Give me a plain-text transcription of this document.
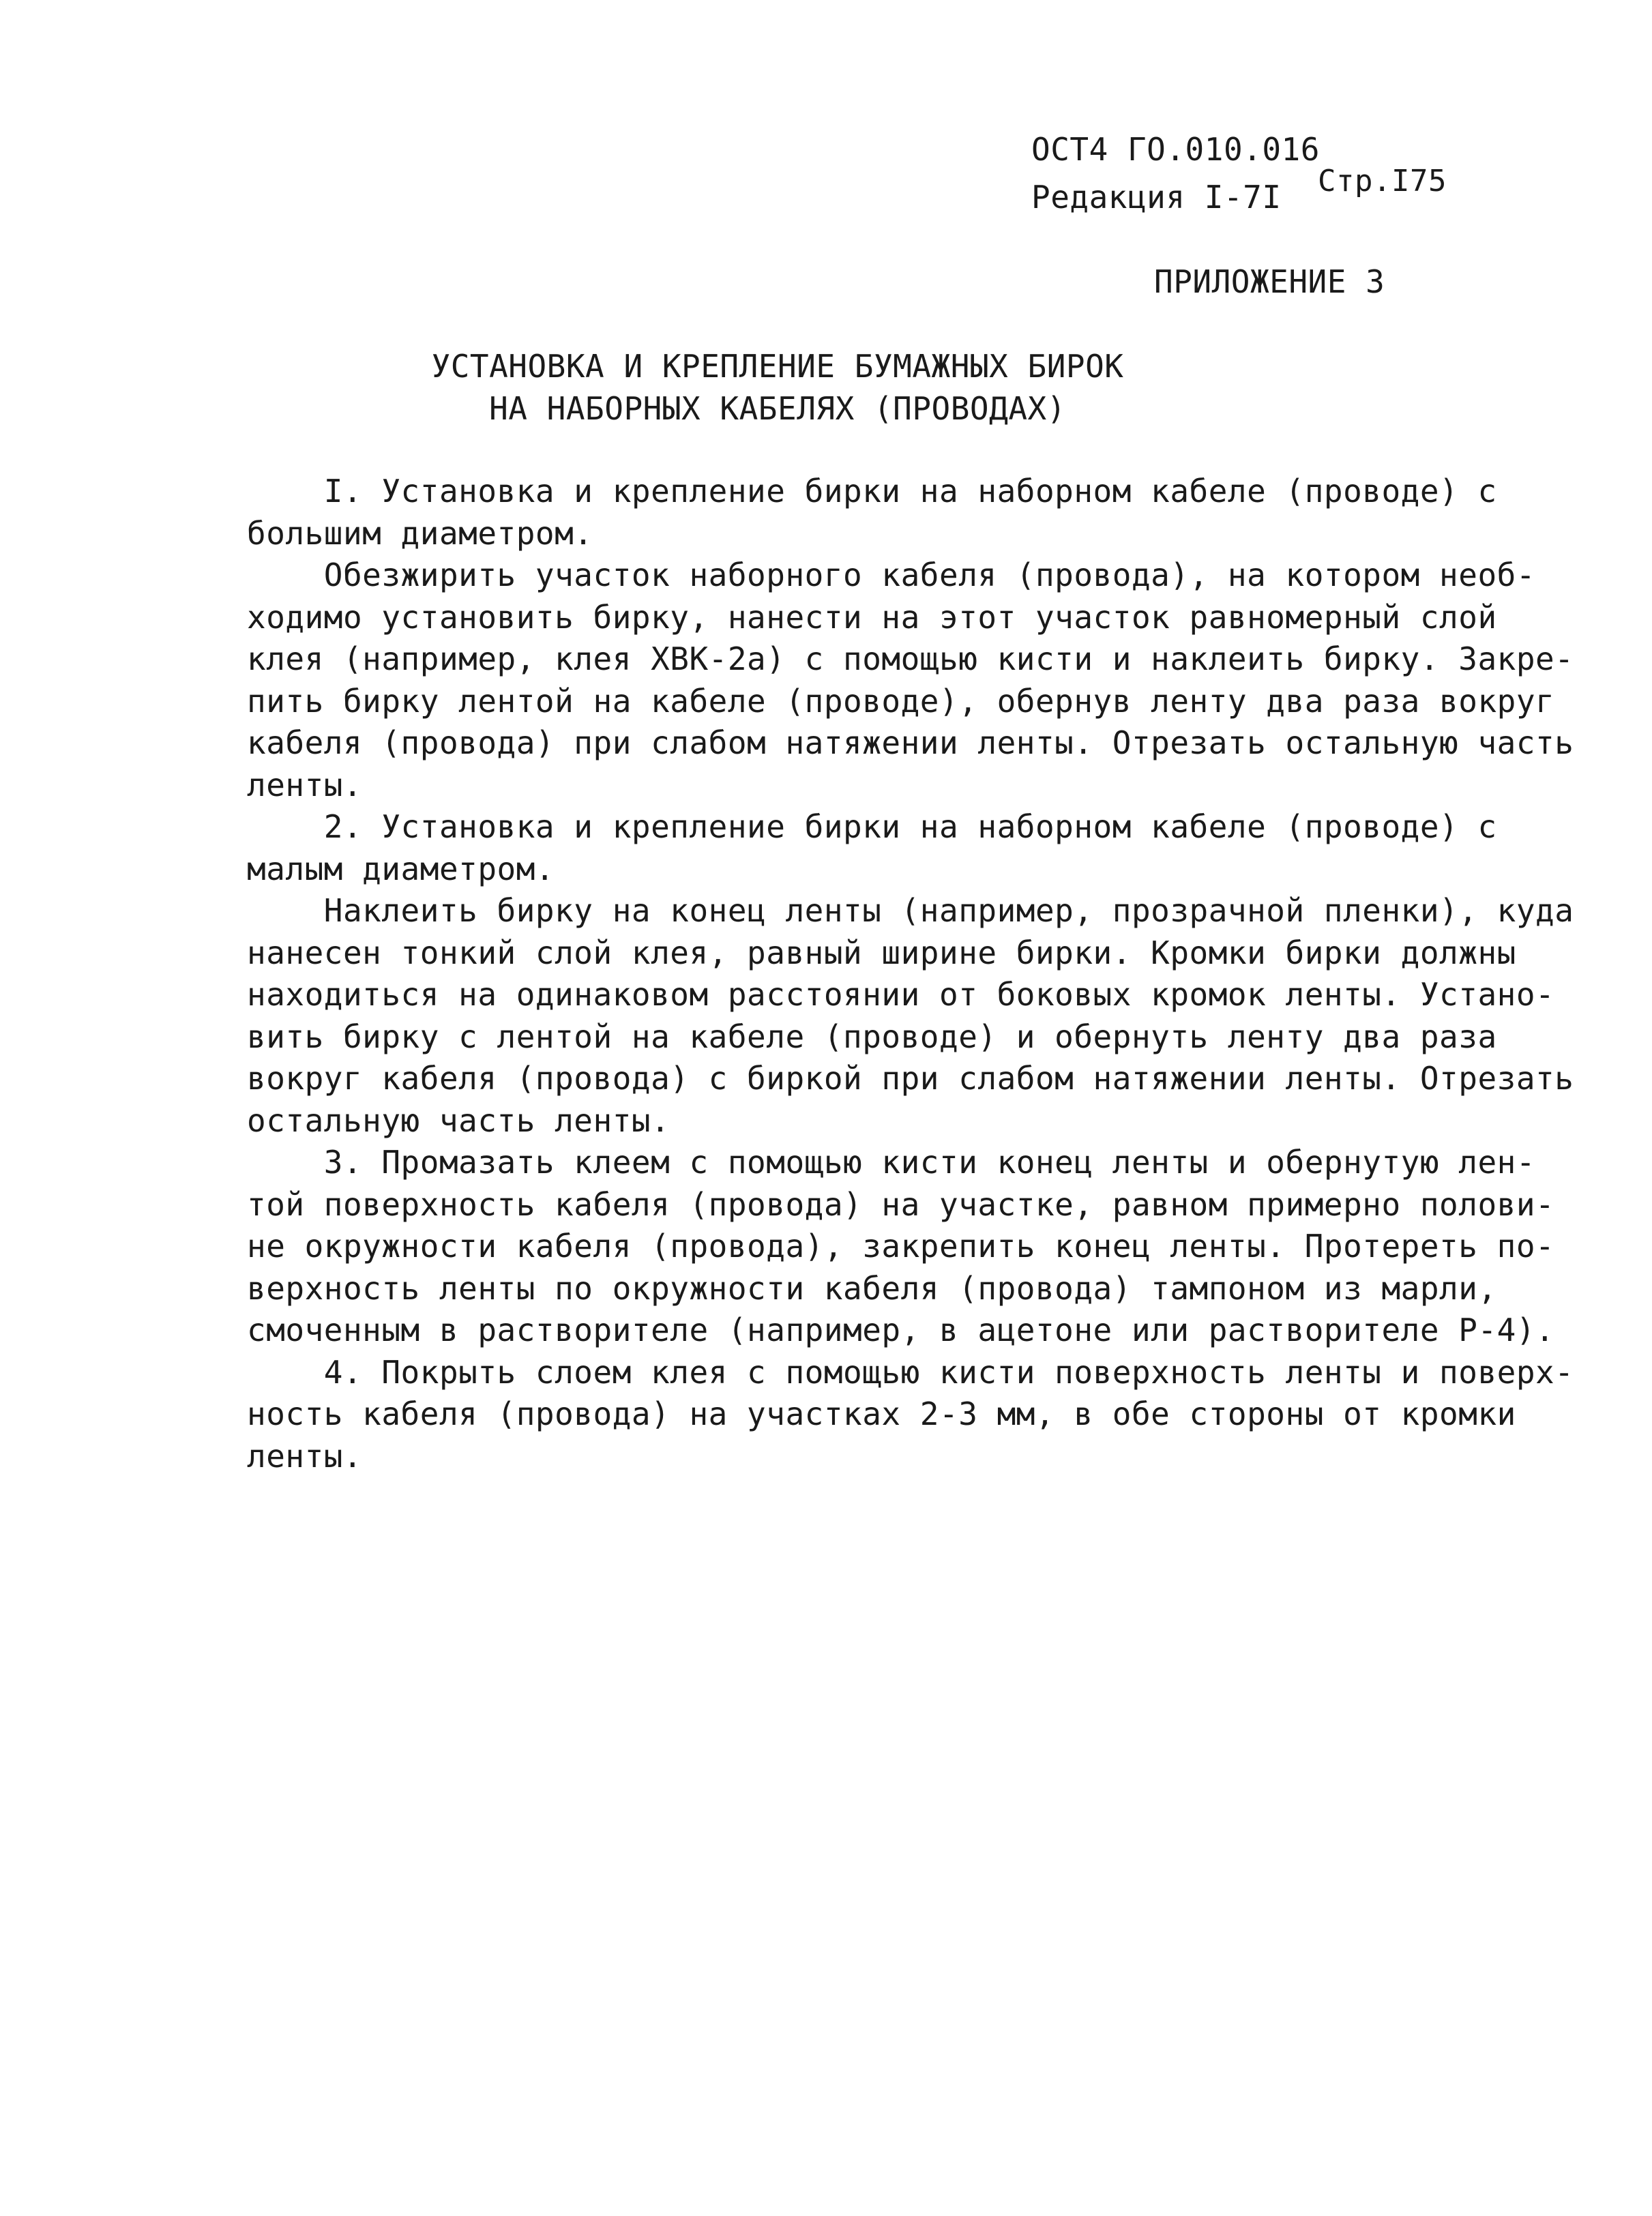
ОСТ4 ГО.010.016
Редакция I-7I Стр.I75
ПРИЛОЖЕНИЕ 3
УСТАНОВКА И КРЕПЛЕНИЕ БУМАЖНЫХ БИРОК
НА НАБОРНЫХ КАБЕЛЯХ (ПРОВОДАХ)
I. Установка и крепление бирки на наборном кабеле (проводе) с
большим диаметром.
Обезжирить участок наборного кабеля (провода), на котором необ-
ходимо установить бирку, нанести на этот участок равномерный слой
клея (например, клея ХВК-2а) с помощью кисти и наклеить бирку. Закре-
пить бирку лентой на кабеле (проводе), обернув ленту два раза вокруг
кабеля (провода) при слабом натяжении ленты. Отрезать остальную часть
ленты.
2. Установка и крепление бирки на наборном кабеле (проводе) с
малым диаметром.
Наклеить бирку на конец ленты (например, прозрачной пленки), куда
нанесен тонкий слой клея, равный ширине бирки. Кромки бирки должны
находиться на одинаковом расстоянии от боковых кромок ленты. Устано-
вить бирку с лентой на кабеле (проводе) и обернуть ленту два раза
вокруг кабеля (провода) с биркой при слабом натяжении ленты. Отрезать
остальную часть ленты.
3. Промазать клеем с помощью кисти конец ленты и обернутую лен-
той поверхность кабеля (провода) на участке, равном примерно полови-
не окружности кабеля (провода), закрепить конец ленты. Протереть по-
верхность ленты по окружности кабеля (провода) тампоном из марли,
смоченным в растворителе (например, в ацетоне или растворителе Р-4).
4. Покрыть слоем клея с помощью кисти поверхность ленты и поверх-
ность кабеля (провода) на участках 2-3 мм, в обе стороны от кромки
ленты.
